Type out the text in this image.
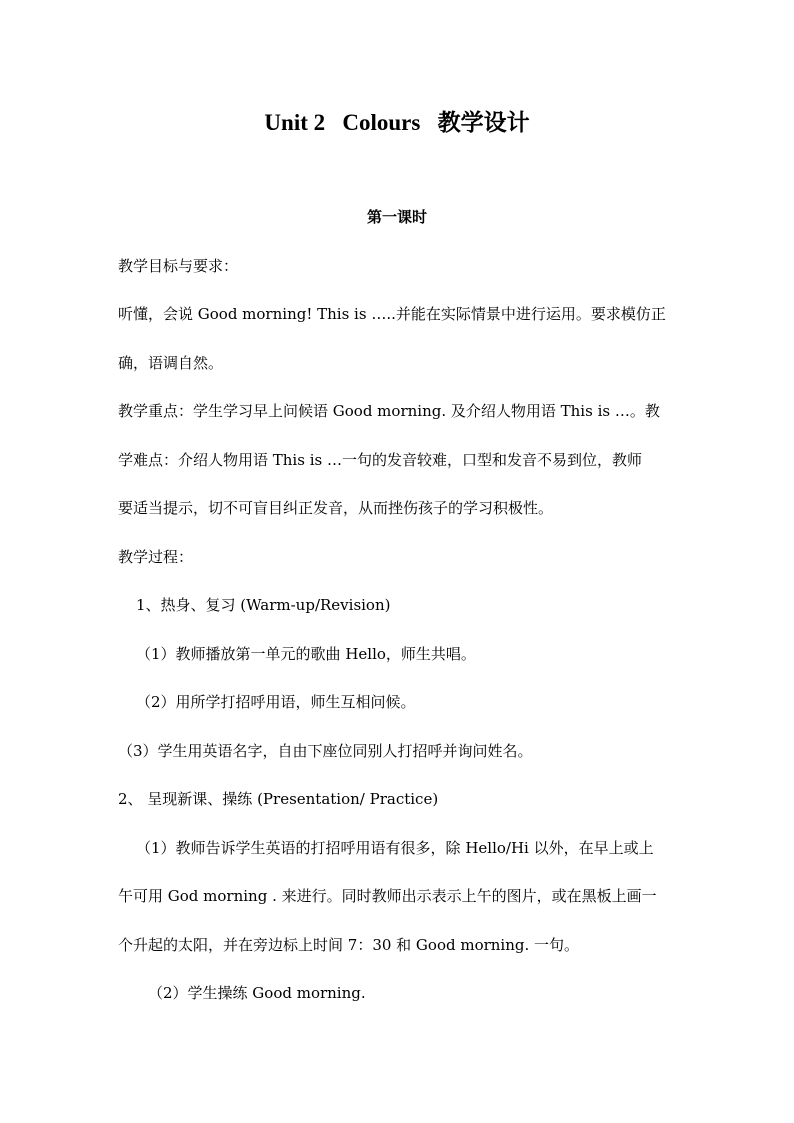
Unit 2   Colours   教学设计
第一课时
教学目标与要求：
听懂，会说 Good morning! This is …..并能在实际情景中进行运用。要求模仿正
确，语调自然。
教学重点：学生学习早上问候语 Good morning. 及介绍人物用语 This is …。教
学难点：介绍人物用语 This is …一句的发音较难，口型和发音不易到位，教师
要适当提示，切不可盲目纠正发音，从而挫伤孩子的学习积极性。
教学过程：
1、热身、复习 (Warm-up/Revision)
（1）教师播放第一单元的歌曲 Hello，师生共唱。
（2）用所学打招呼用语，师生互相问候。
（3）学生用英语名字，自由下座位同别人打招呼并询问姓名。
2、 呈现新课、操练 (Presentation/ Practice)
（1）教师告诉学生英语的打招呼用语有很多，除 Hello/Hi 以外，在早上或上
午可用 God morning . 来进行。同时教师出示表示上午的图片，或在黑板上画一
个升起的太阳，并在旁边标上时间 7：30 和 Good morning. 一句。
（2）学生操练 Good morning.
